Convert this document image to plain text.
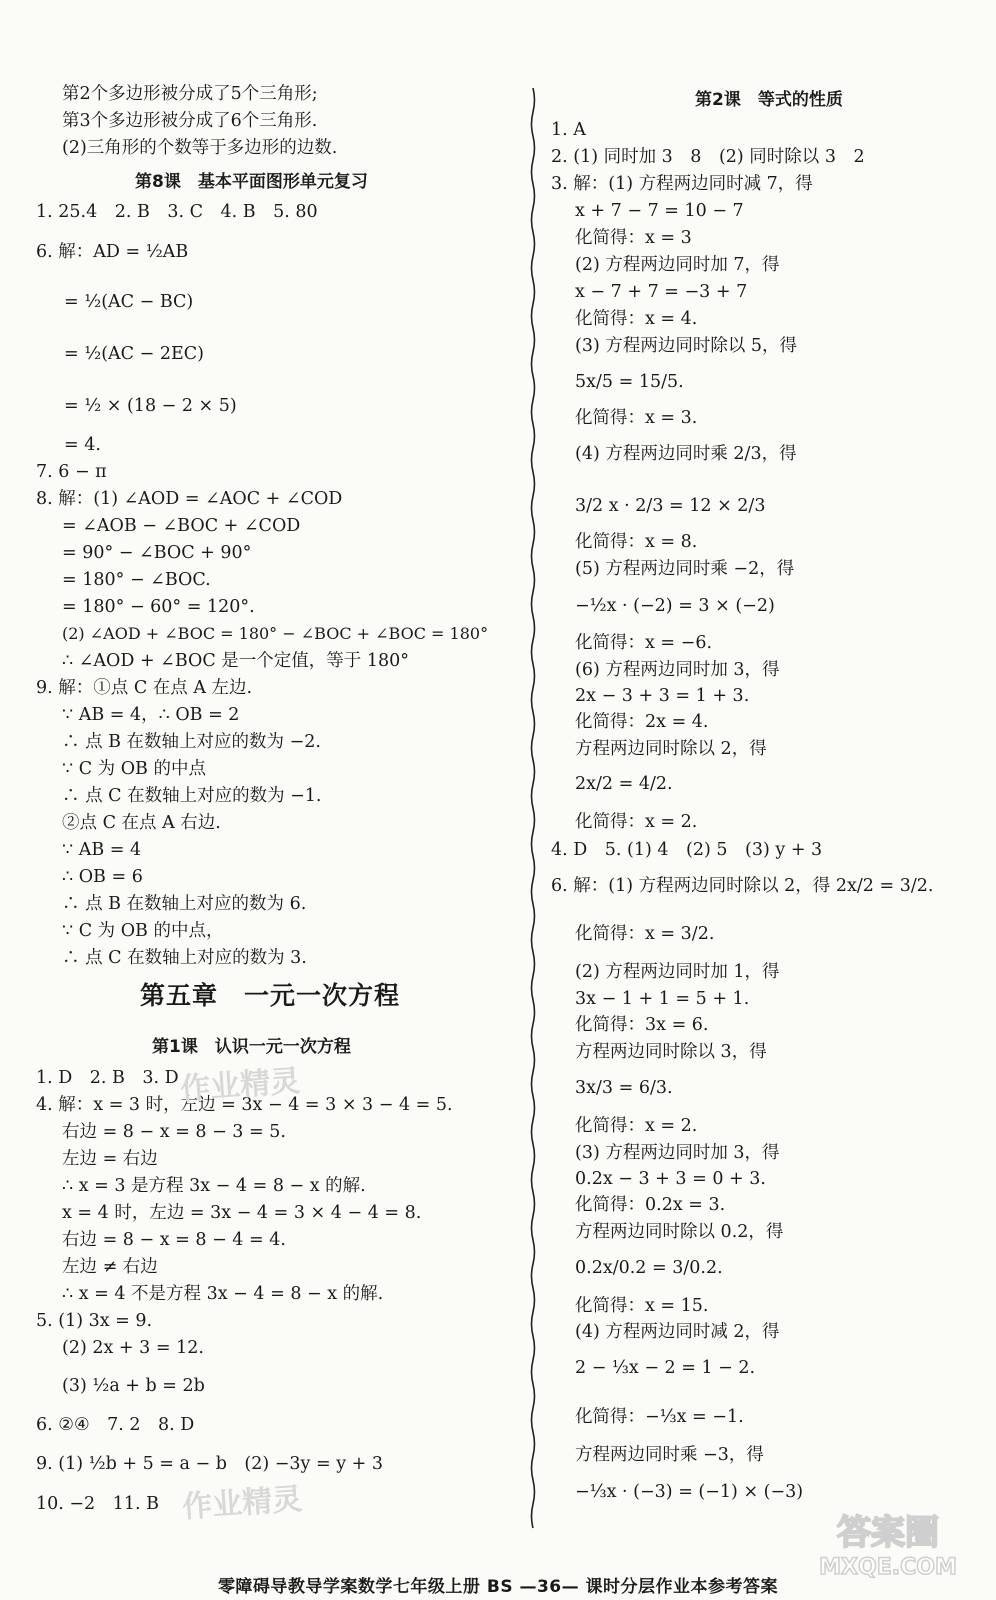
第2个多边形被分成了5个三角形;
第3个多边形被分成了6个三角形.
(2)三角形的个数等于多边形的边数.
第8课　基本平面图形单元复习
1. 25.4　2. B　3. C　4. B　5. 80
6. 解：AD = ½AB
= ½(AC − BC)
= ½(AC − 2EC)
= ½ × (18 − 2 × 5)
= 4.
7. 6 − π
8. 解：(1) ∠AOD = ∠AOC + ∠COD
= ∠AOB − ∠BOC + ∠COD
= 90° − ∠BOC + 90°
= 180° − ∠BOC.
= 180° − 60° = 120°.
(2) ∠AOD + ∠BOC = 180° − ∠BOC + ∠BOC = 180°
∴ ∠AOD + ∠BOC 是一个定值，等于 180°
9. 解：①点 C 在点 A 左边.
∵ AB = 4，∴ OB = 2
∴ 点 B 在数轴上对应的数为 −2.
∵ C 为 OB 的中点
∴ 点 C 在数轴上对应的数为 −1.
②点 C 在点 A 右边.
∵ AB = 4
∴ OB = 6
∴ 点 B 在数轴上对应的数为 6.
∵ C 为 OB 的中点，
∴ 点 C 在数轴上对应的数为 3.
第五章　一元一次方程
第1课　认识一元一次方程
1. D　2. B　3. D
4. 解：x = 3 时，左边 = 3x − 4 = 3 × 3 − 4 = 5.
右边 = 8 − x = 8 − 3 = 5.
左边 = 右边
∴ x = 3 是方程 3x − 4 = 8 − x 的解.
x = 4 时，左边 = 3x − 4 = 3 × 4 − 4 = 8.
右边 = 8 − x = 8 − 4 = 4.
左边 ≠ 右边
∴ x = 4 不是方程 3x − 4 = 8 − x 的解.
5. (1) 3x = 9.
(2) 2x + 3 = 12.
(3) ½a + b = 2b
6. ②④　7. 2　8. D
9. (1) ½b + 5 = a − b　(2) −3y = y + 3
10. −2　11. B
第2课　等式的性质
1. A
2. (1) 同时加 3　8　(2) 同时除以 3　2
3. 解：(1) 方程两边同时减 7，得
x + 7 − 7 = 10 − 7
化简得：x = 3
(2) 方程两边同时加 7，得
x − 7 + 7 = −3 + 7
化简得：x = 4.
(3) 方程两边同时除以 5，得
5x/5 = 15/5.
化简得：x = 3.
(4) 方程两边同时乘 2/3，得
3/2 x · 2/3 = 12 × 2/3
化简得：x = 8.
(5) 方程两边同时乘 −2，得
−½x · (−2) = 3 × (−2)
化简得：x = −6.
(6) 方程两边同时加 3，得
2x − 3 + 3 = 1 + 3.
化简得：2x = 4.
方程两边同时除以 2，得
2x/2 = 4/2.
化简得：x = 2.
4. D　5. (1) 4　(2) 5　(3) y + 3
6. 解：(1) 方程两边同时除以 2，得 2x/2 = 3/2.
化简得：x = 3/2.
(2) 方程两边同时加 1，得
3x − 1 + 1 = 5 + 1.
化简得：3x = 6.
方程两边同时除以 3，得
3x/3 = 6/3.
化简得：x = 2.
(3) 方程两边同时加 3，得
0.2x − 3 + 3 = 0 + 3.
化简得：0.2x = 3.
方程两边同时除以 0.2，得
0.2x/0.2 = 3/0.2.
化简得：x = 15.
(4) 方程两边同时减 2，得
2 − ⅓x − 2 = 1 − 2.
化简得：−⅓x = −1.
方程两边同时乘 −3，得
−⅓x · (−3) = (−1) × (−3)
作业精灵
作业精灵
答案圈
MXQE.COM
零障碍导教导学案数学七年级上册 BS —36— 课时分层作业本参考答案
